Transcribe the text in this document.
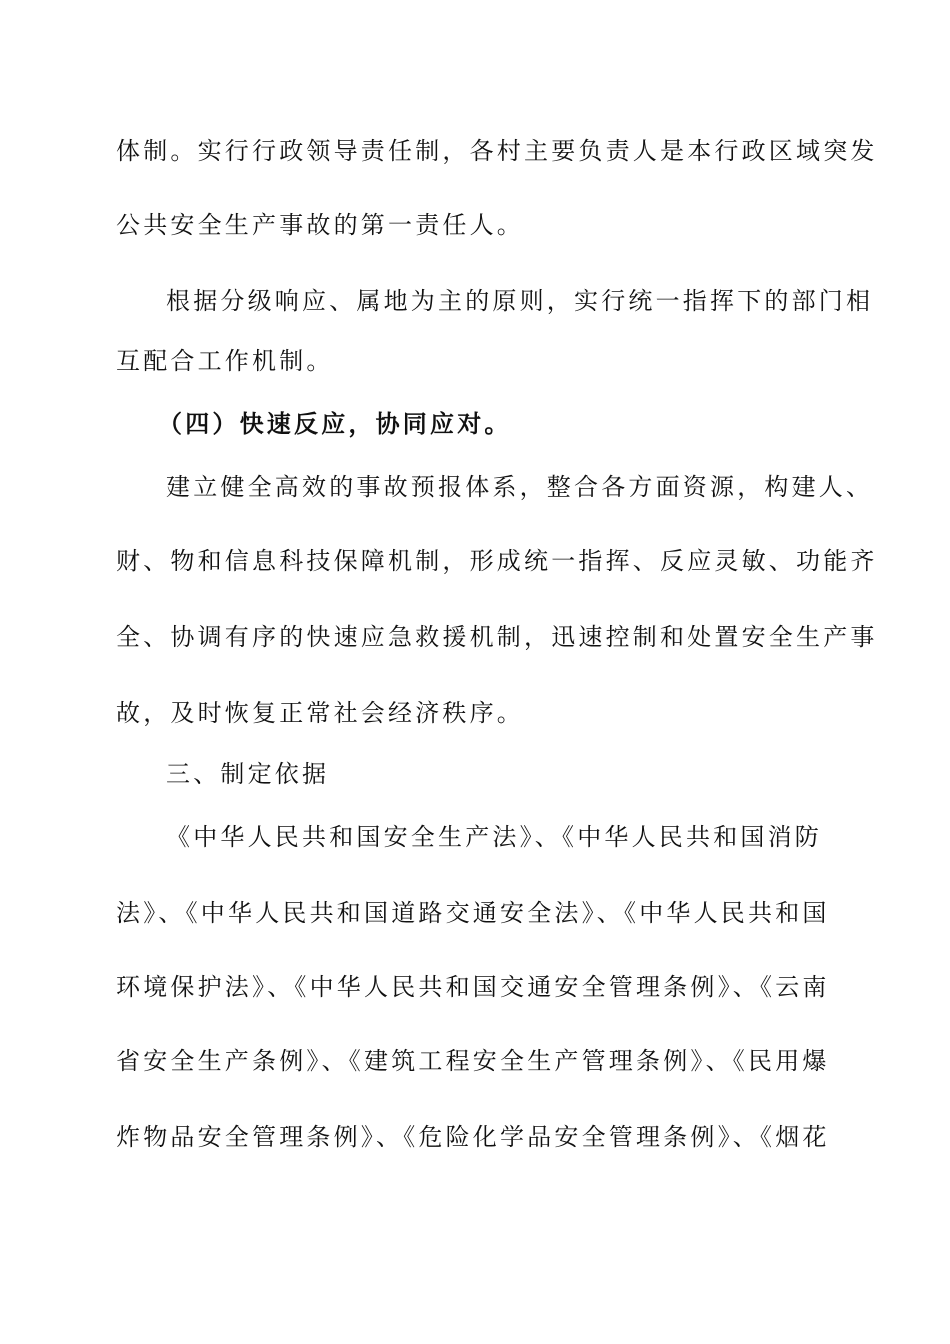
体制。实行行政领导责任制，各村主要负责人是本行政区域突发
公共安全生产事故的第一责任人。
根据分级响应、属地为主的原则，实行统一指挥下的部门相
互配合工作机制。
（四）快速反应，协同应对。
建立健全高效的事故预报体系，整合各方面资源，构建人、
财、物和信息科技保障机制，形成统一指挥、反应灵敏、功能齐
全、协调有序的快速应急救援机制，迅速控制和处置安全生产事
故，及时恢复正常社会经济秩序。
三、制定依据
《中华人民共和国安全生产法》、《中华人民共和国消防
法》、《中华人民共和国道路交通安全法》、《中华人民共和国
环境保护法》、《中华人民共和国交通安全管理条例》、《云南
省安全生产条例》、《建筑工程安全生产管理条例》、《民用爆
炸物品安全管理条例》、《危险化学品安全管理条例》、《烟花
